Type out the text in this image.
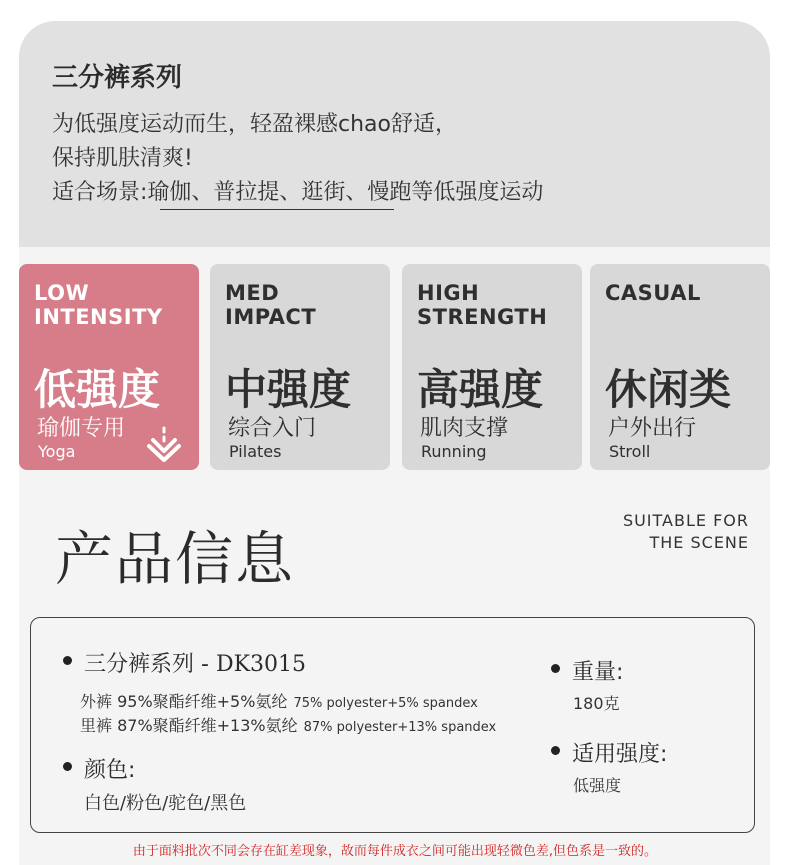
三分裤系列
为低强度运动而生，轻盈裸感chao舒适，
保持肌肤清爽!
适合场景:瑜伽、普拉提、逛街、慢跑等低强度运动
LOW
INTENSITY
低强度
瑜伽专用
Yoga
MED
IMPACT
中强度
综合入门
Pilates
HIGH
STRENGTH
高强度
肌肉支撑
Running
CASUAL
休闲类
户外出行
Stroll
产品信息
SUITABLE FOR
THE SCENE
三分裤系列 - DK3015
外裤 95%聚酯纤维+5%氨纶 75% polyester+5% spandex
里裤 87%聚酯纤维+13%氨纶 87% polyester+13% spandex
颜色:
白色/粉色/驼色/黑色
重量:
180克
适用强度:
低强度
由于面料批次不同会存在缸差现象，故而每件成衣之间可能出现轻微色差,但色系是一致的。
